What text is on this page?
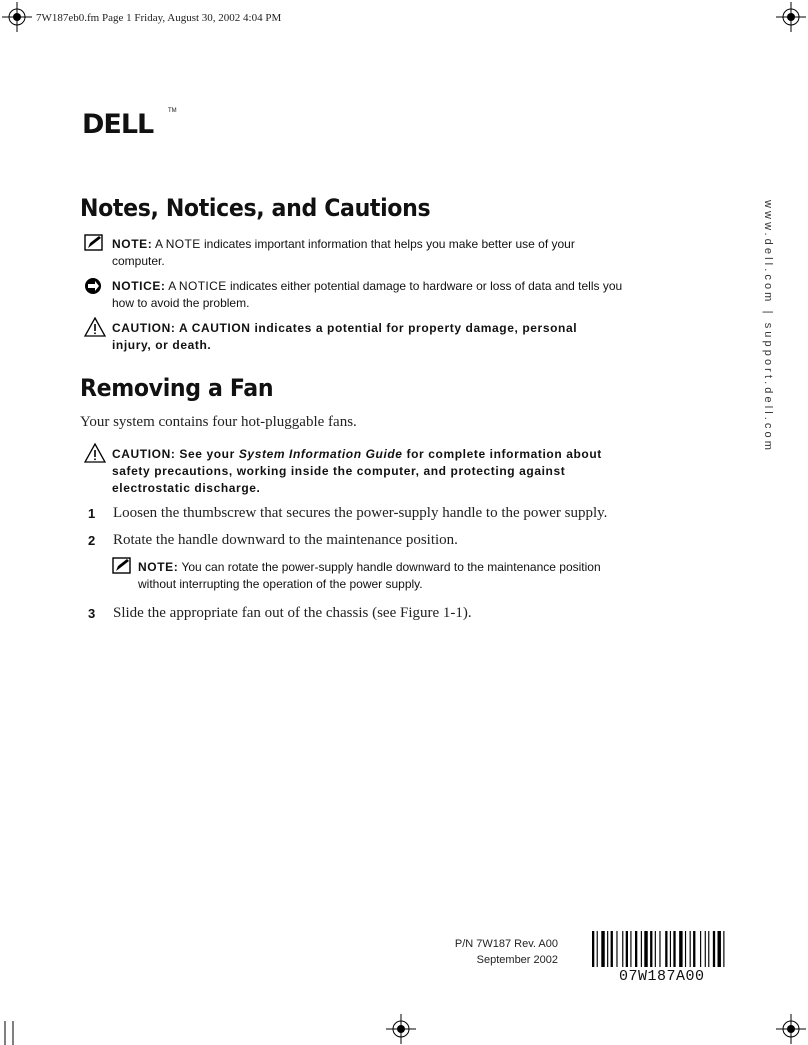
7W187eb0.fm Page 1 Friday, August 30, 2002 4:04 PM
DELL TM
Notes, Notices, and Cautions
NOTE: A NOTE indicates important information that helps you make better use of your
computer.
NOTICE: A NOTICE indicates either potential damage to hardware or loss of data and tells you
how to avoid the problem.
CAUTION: A CAUTION indicates a potential for property damage, personal
injury, or death.
Removing a Fan
Your system contains four hot-pluggable fans.
CAUTION: See your System Information Guide for complete information about
safety precautions, working inside the computer, and protecting against
electrostatic discharge.
1 Loosen the thumbscrew that secures the power-supply handle to the power supply.
2 Rotate the handle downward to the maintenance position.
NOTE: You can rotate the power-supply handle downward to the maintenance position
without interrupting the operation of the power supply.
3 Slide the appropriate fan out of the chassis (see Figure 1-1).
www.dell.com | support.dell.com
P/N 7W187 Rev. A00
September 2002
07W187A00
